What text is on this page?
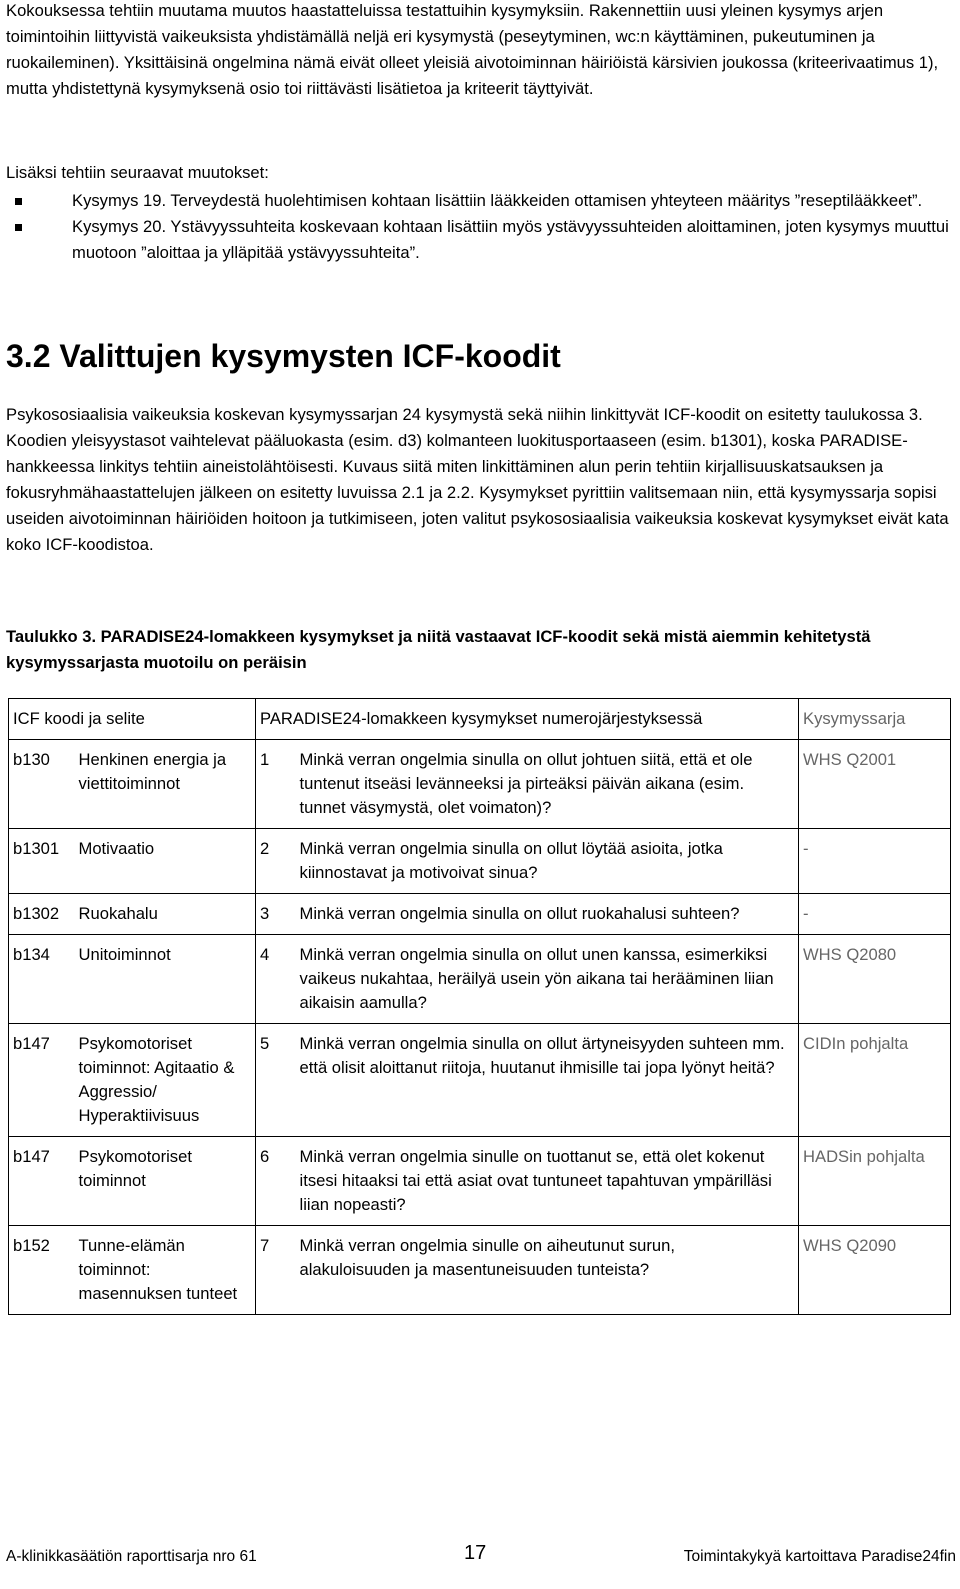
Kokouksessa tehtiin muutama muutos haastatteluissa testattuihin kysymyksiin. Rakennettiin uusi yleinen kysymys arjen toimintoihin liittyvistä vaikeuksista yhdistämällä neljä eri kysymystä (peseytyminen, wc:n käyttäminen, pukeutuminen ja ruokaileminen). Yksittäisinä ongelmina nämä eivät olleet yleisiä aivotoiminnan häiriöistä kärsivien joukossa (kriteerivaatimus 1), mutta yhdistettynä kysymyksenä osio toi riittävästi lisätietoa ja kriteerit täyttyivät.

Lisäksi tehtiin seuraavat muutokset:

Kysymys 19. Terveydestä huolehtimisen kohtaan lisättiin lääkkeiden ottamisen yhteyteen määritys ”reseptilääkkeet”.
Kysymys 20. Ystävyyssuhteita koskevaan kohtaan lisättiin myös ystävyyssuhteiden aloittaminen, joten kysymys muuttui muotoon ”aloittaa ja ylläpitää ystävyyssuhteita”.
3.2 Valittujen kysymysten ICF-koodit

Psykososiaalisia vaikeuksia koskevan kysymyssarjan 24 kysymystä sekä niihin linkittyvät ICF-koodit on esitetty taulukossa 3. Koodien yleisyystasot vaihtelevat pääluokasta (esim. d3) kolmanteen luokitusportaaseen (esim. b1301), koska PARADISE-hankkeessa linkitys tehtiin aineistolähtöisesti. Kuvaus siitä miten linkittäminen alun perin tehtiin kirjallisuuskatsauksen ja fokusryhmähaastattelujen jälkeen on esitetty luvuissa 2.1 ja 2.2. Kysymykset pyrittiin valitsemaan niin, että kysymyssarja sopisi useiden aivotoiminnan häiriöiden hoitoon ja tutkimiseen, joten valitut psykososiaalisia vaikeuksia koskevat kysymykset eivät kata koko ICF-koodistoa.

Taulukko 3. PARADISE24-lomakkeen kysymykset ja niitä vastaavat ICF-koodit sekä mistä aiemmin kehitetystä kysymyssarjasta muotoilu on peräisin

ICF koodi ja selite		PARADISE24-lomakkeen kysymykset numerojärjestyksessä		Kysymyssarja
b130	Henkinen energia ja viettitoiminnot	1	Minkä verran ongelmia sinulla on ollut johtuen siitä, että et ole tuntenut itseäsi levänneeksi ja pirteäksi päivän aikana (esim. tunnet väsymystä, olet voimaton)?	WHS Q2001
b1301	Motivaatio	2	Minkä verran ongelmia sinulla on ollut löytää asioita, jotka kiinnostavat ja motivoivat sinua?	-
b1302	Ruokahalu	3	Minkä verran ongelmia sinulla on ollut ruokahalusi suhteen?	-
b134	Unitoiminnot	4	Minkä verran ongelmia sinulla on ollut unen kanssa, esimerkiksi vaikeus nukahtaa, heräilyä usein yön aikana tai herääminen liian aikaisin aamulla?	WHS Q2080
b147	Psykomotoriset toiminnot: Agitaatio & Aggressio/ Hyperaktiivisuus	5	Minkä verran ongelmia sinulla on ollut ärtyneisyyden suhteen mm. että olisit aloittanut riitoja, huutanut ihmisille tai jopa lyönyt heitä?	CIDIn pohjalta
b147	Psykomotoriset toiminnot	6	Minkä verran ongelmia sinulle on tuottanut se, että olet kokenut itsesi hitaaksi tai että asiat ovat tuntuneet tapahtuvan ympärilläsi liian nopeasti?	HADSin pohjalta
b152	Tunne-elämän toiminnot: masennuksen tunteet	7	Minkä verran ongelmia sinulle on aiheutunut surun, alakuloisuuden ja masentuneisuuden tunteista?	WHS Q2090
A-klinikkasäätiön raporttisarja nro 61	17	Toimintakykyä kartoittava Paradise24fin
